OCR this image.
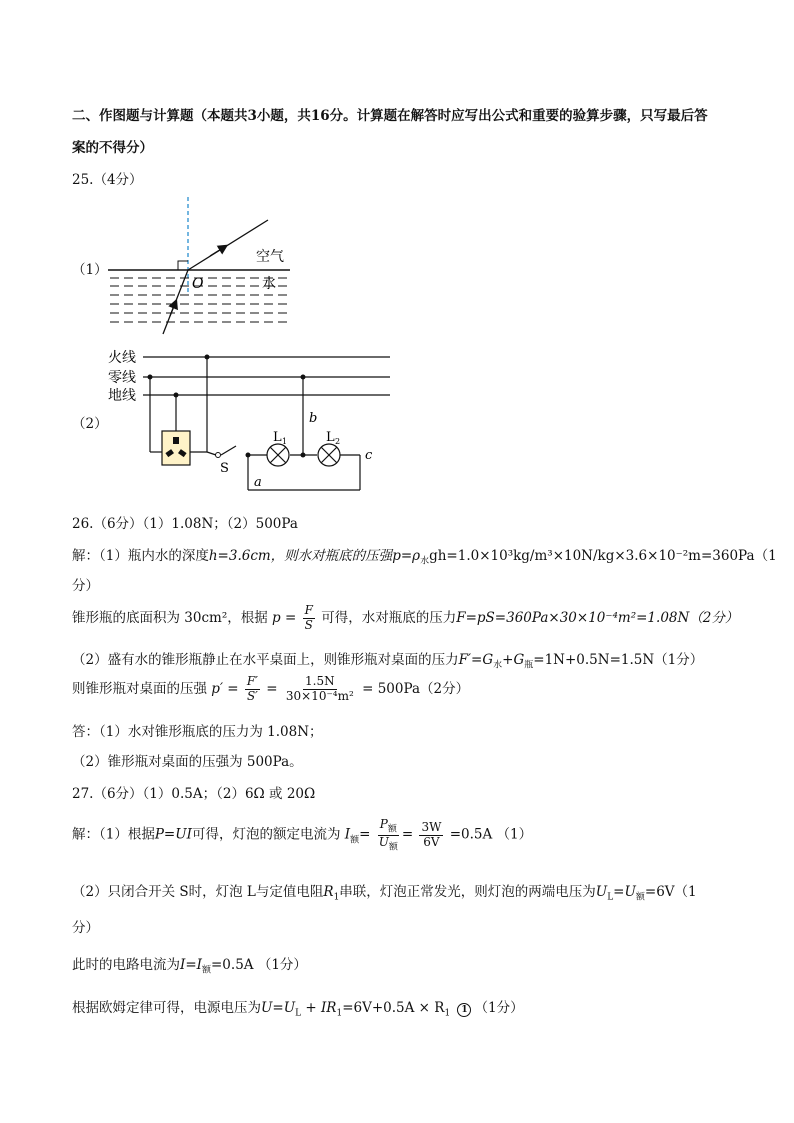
二、作图题与计算题（本题共3小题，共16分。计算题在解答时应写出公式和重要的验算步骤，只写最后答
案的不得分）
25.（4分）
（1）
空气
水
O
（2）
火线
零线
地线
L 1	L 2
S
a
b
c
26.（6分）（1）1.08N；（2）500Pa
解：（1）瓶内水的深度h=3.6cm，则水对瓶底的压强$p=\rho_水gh=1.0\times 10^3kg/m^3\times 10N/kg\times 3.6\times 10^{-2}m=360Pa(1$
分）
锥形瓶的底面积为 30cm²，根据 $p = \frac{F}{S}$ 可得，水对瓶底的压力F=pS=360Pa×30×10⁻⁴m²=1.08N（2分）
（2）盛有水的锥形瓶静止在水平桌面上，则锥形瓶对桌面的压力$F'=G_水+G_瓶=1N+0.5N=1.5N(1$分）
则锥形瓶对桌面的压强 $p' = \frac{F'}{S'} = \frac{1.5N}{\text{30×10⁻⁴m²}} = 500Pa(2$分）
答：（1）水对锥形瓶底的压力为 1.08N；
（2）锥形瓶对桌面的压强为 500Pa。
27.（6分）（1）0.5A；（2）6Ω 或 20Ω
解：（1）根据P=UI可得，灯泡的额定电流为 $I_额= \frac{P_额}{U_额} = \frac{3W}{6V} =0.5A$ （1）
（2）只闭合开关 S时，灯泡 L与定值电阻$R_1$串联，灯泡正常发光，则灯泡的两端电压为$U_L=U_额=6V(1$
分）
此时的电路电流为$I=I_额=0.5A$ （1分）
根据欧姆定律可得，电源电压为$U=U_L + IR_1=6V+0.5A \times R_1$ 1 （1分）
